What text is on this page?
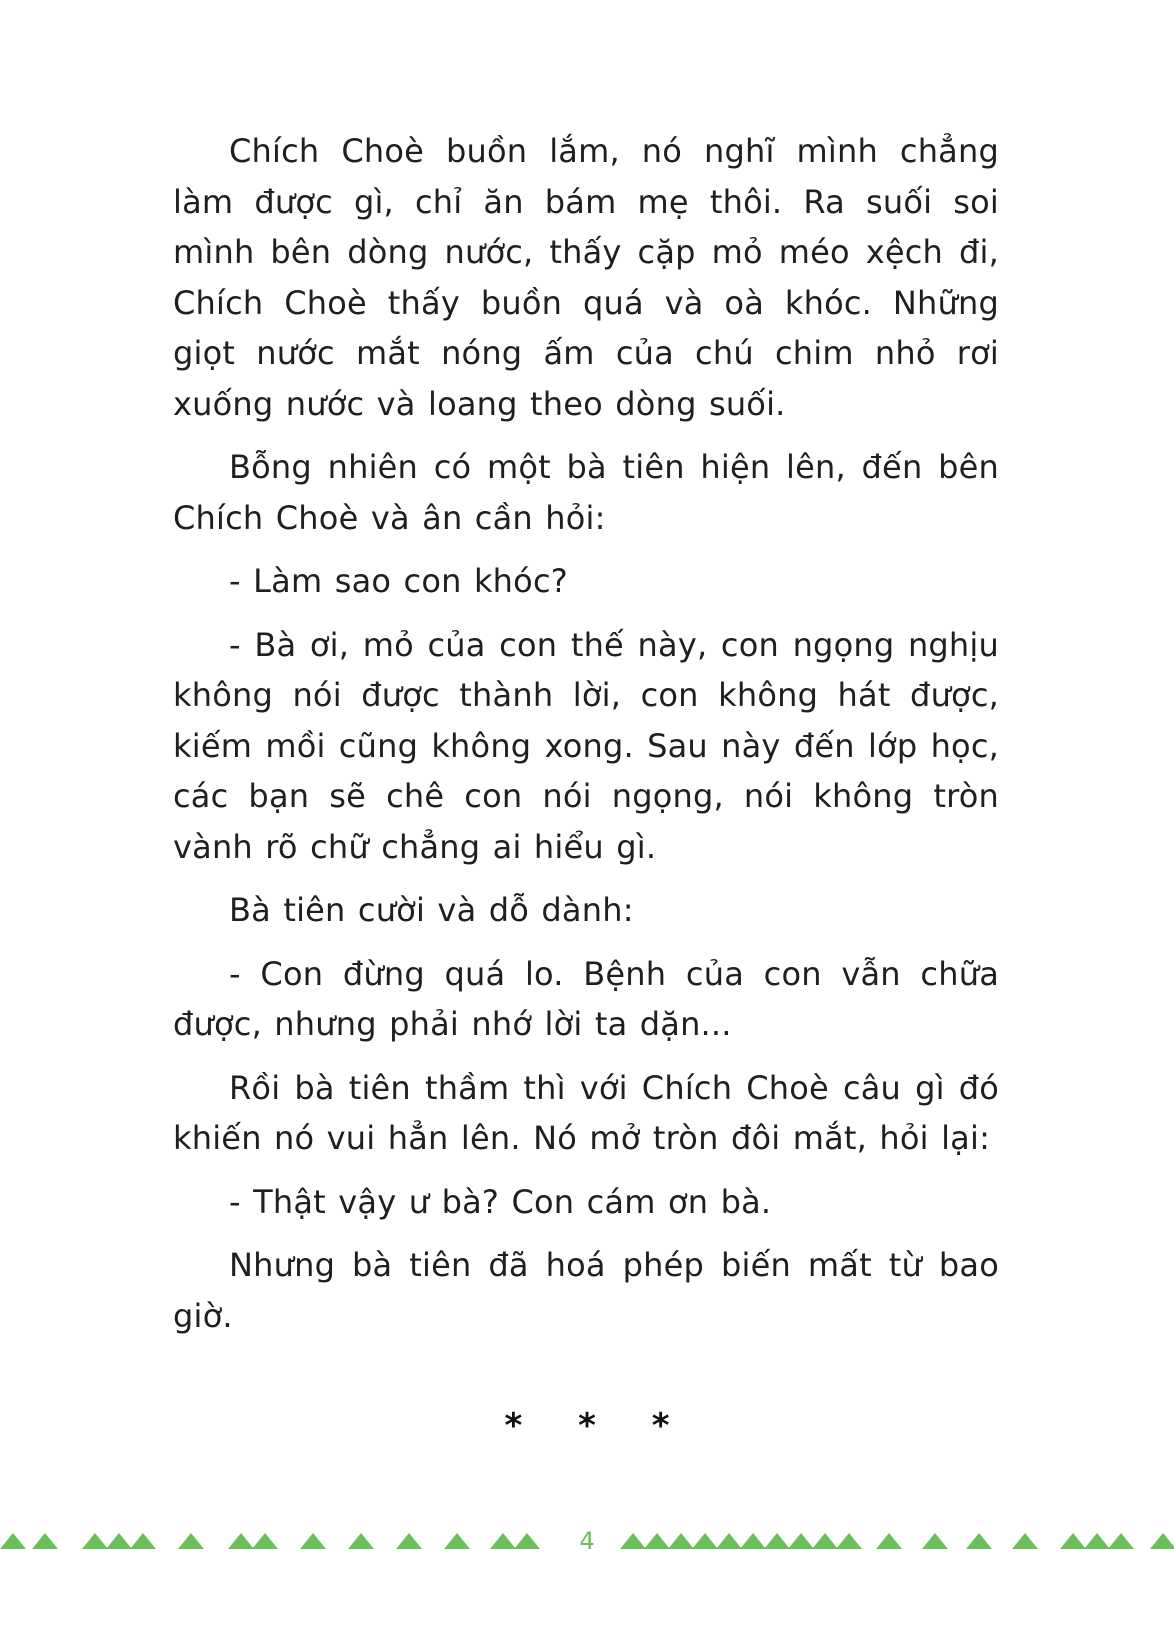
Chích Choè buồn lắm, nó nghĩ mình chẳng làm được gì, chỉ ăn bám mẹ thôi. Ra suối soi mình bên dòng nước, thấy cặp mỏ méo xệch đi, Chích Choè thấy buồn quá và oà khóc. Những giọt nước mắt nóng ấm của chú chim nhỏ rơi xuống nước và loang theo dòng suối.

Bỗng nhiên có một bà tiên hiện lên, đến bên Chích Choè và ân cần hỏi:

- Làm sao con khóc?

- Bà ơi, mỏ của con thế này, con ngọng nghịu không nói được thành lời, con không hát được, kiếm mồi cũng không xong. Sau này đến lớp học, các bạn sẽ chê con nói ngọng, nói không tròn vành rõ chữ chẳng ai hiểu gì.

Bà tiên cười và dỗ dành:

- Con đừng quá lo. Bệnh của con vẫn chữa được, nhưng phải nhớ lời ta dặn...

Rồi bà tiên thầm thì với Chích Choè câu gì đó khiến nó vui hẳn lên. Nó mở tròn đôi mắt, hỏi lại:

- Thật vậy ư bà? Con cám ơn bà.

Nhưng bà tiên đã hoá phép biến mất từ bao giờ.

* * *
4
